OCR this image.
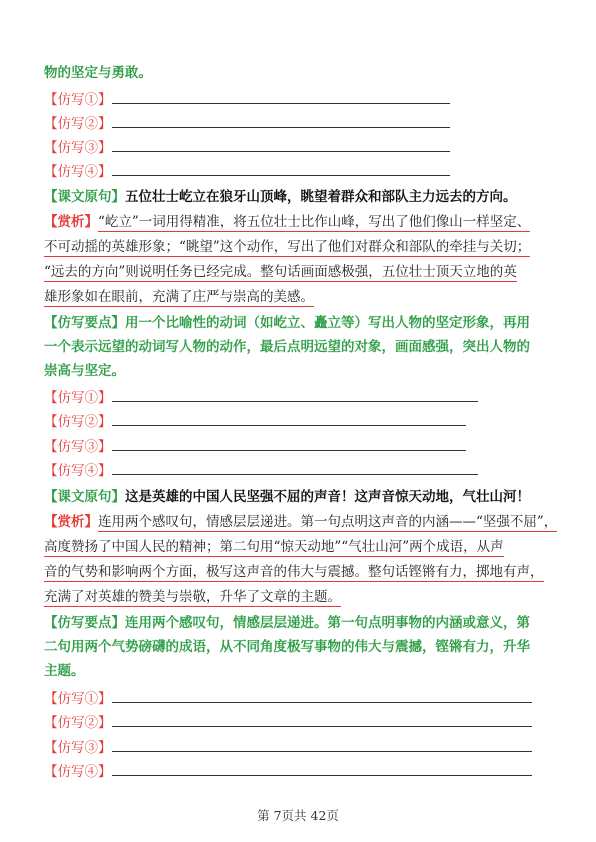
物的坚定与勇敢。
【仿写①】
【仿写②】
【仿写③】
【仿写④】
【课文原句】五位壮士屹立在狼牙山顶峰，眺望着群众和部队主力远去的方向。
【赏析】“屹立”一词用得精准，将五位壮士比作山峰，写出了他们像山一样坚定、
不可动摇的英雄形象；“眺望”这个动作，写出了他们对群众和部队的牵挂与关切；
“远去的方向”则说明任务已经完成。整句话画面感极强，五位壮士顶天立地的英
雄形象如在眼前，充满了庄严与崇高的美感。
【仿写要点】用一个比喻性的动词（如屹立、矗立等）写出人物的坚定形象，再用
一个表示远望的动词写人物的动作，最后点明远望的对象，画面感强，突出人物的
崇高与坚定。
【仿写①】
【仿写②】
【仿写③】
【仿写④】
【课文原句】这是英雄的中国人民坚强不屈的声音！这声音惊天动地，气壮山河！
【赏析】连用两个感叹句，情感层层递进。第一句点明这声音的内涵——“坚强不屈”，
高度赞扬了中国人民的精神；第二句用“惊天动地”“气壮山河”两个成语，从声
音的气势和影响两个方面，极写这声音的伟大与震撼。整句话铿锵有力，掷地有声，
充满了对英雄的赞美与崇敬，升华了文章的主题。
【仿写要点】连用两个感叹句，情感层层递进。第一句点明事物的内涵或意义，第
二句用两个气势磅礴的成语，从不同角度极写事物的伟大与震撼，铿锵有力，升华
主题。
【仿写①】
【仿写②】
【仿写③】
【仿写④】
第 7页共 42页
